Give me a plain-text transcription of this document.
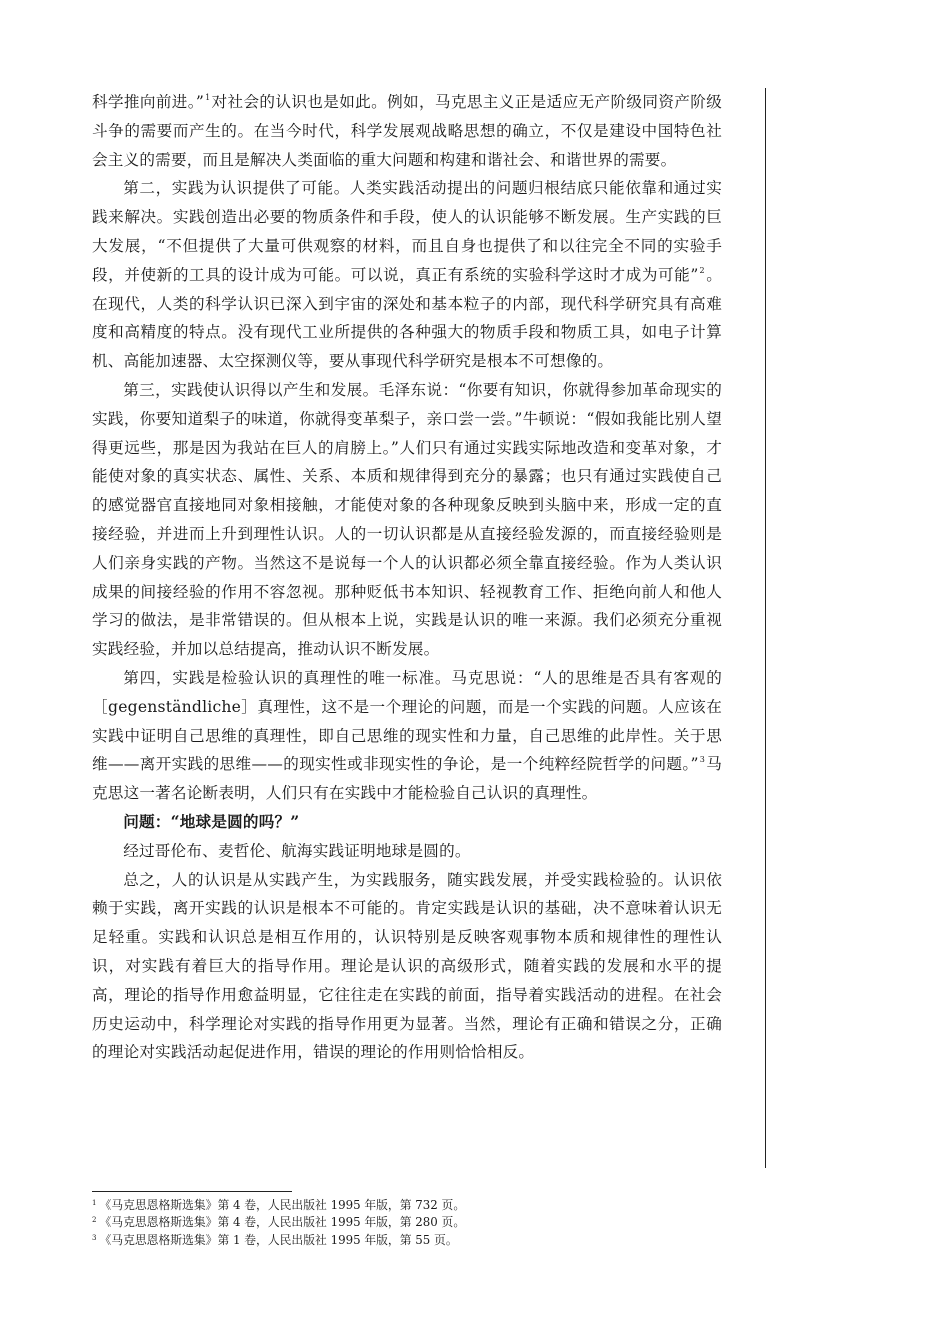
科学推向前进。”$^1$对社会的认识也是如此。例如，马克思主义正是适应无产阶级同资产阶级斗争的需要而产生的。在当今时代，科学发展观战略思想的确立，不仅是建设中国特色社会主义的需要，而且是解决人类面临的重大问题和构建和谐社会、和谐世界的需要。

第二，实践为认识提供了可能。人类实践活动提出的问题归根结底只能依靠和通过实践来解决。实践创造出必要的物质条件和手段，使人的认识能够不断发展。生产实践的巨大发展，“不但提供了大量可供观察的材料，而且自身也提供了和以往完全不同的实验手段，并使新的工具的设计成为可能。可以说，真正有系统的实验科学这时才成为可能”$^2$。在现代，人类的科学认识已深入到宇宙的深处和基本粒子的内部，现代科学研究具有高难度和高精度的特点。没有现代工业所提供的各种强大的物质手段和物质工具，如电子计算机、高能加速器、太空探测仪等，要从事现代科学研究是根本不可想像的。

第三，实践使认识得以产生和发展。毛泽东说：“你要有知识，你就得参加革命现实的实践，你要知道梨子的味道，你就得变革梨子，亲口尝一尝。”牛顿说：“假如我能比别人望得更远些，那是因为我站在巨人的肩膀上。”人们只有通过实践实际地改造和变革对象，才能使对象的真实状态、属性、关系、本质和规律得到充分的暴露；也只有通过实践使自己的感觉器官直接地同对象相接触，才能使对象的各种现象反映到头脑中来，形成一定的直接经验，并进而上升到理性认识。人的一切认识都是从直接经验发源的，而直接经验则是人们亲身实践的产物。当然这不是说每一个人的认识都必须全靠直接经验。作为人类认识成果的间接经验的作用不容忽视。那种贬低书本知识、轻视教育工作、拒绝向前人和他人学习的做法，是非常错误的。但从根本上说，实践是认识的唯一来源。我们必须充分重视实践经验，并加以总结提高，推动认识不断发展。

第四，实践是检验认识的真理性的唯一标准。马克思说：“人的思维是否具有客观的［gegenständliche］真理性，这不是一个理论的问题，而是一个实践的问题。人应该在实践中证明自己思维的真理性，即自己思维的现实性和力量，自己思维的此岸性。关于思维——离开实践的思维——的现实性或非现实性的争论，是一个纯粹经院哲学的问题。”$^3$马克思这一著名论断表明，人们只有在实践中才能检验自己认识的真理性。

问题：“地球是圆的吗？”

经过哥伦布、麦哲伦、航海实践证明地球是圆的。

总之，人的认识是从实践产生，为实践服务，随实践发展，并受实践检验的。认识依赖于实践，离开实践的认识是根本不可能的。肯定实践是认识的基础，决不意味着认识无足轻重。实践和认识总是相互作用的，认识特别是反映客观事物本质和规律性的理性认识，对实践有着巨大的指导作用。理论是认识的高级形式，随着实践的发展和水平的提高，理论的指导作用愈益明显，它往往走在实践的前面，指导着实践活动的进程。在社会历史运动中，科学理论对实践的指导作用更为显著。当然，理论有正确和错误之分，正确的理论对实践活动起促进作用，错误的理论的作用则恰恰相反。

$^1$ 《马克思恩格斯选集》第 4 卷，人民出版社 1995 年版，第 732 页。
$^2$ 《马克思恩格斯选集》第 4 卷，人民出版社 1995 年版，第 280 页。
$^3$ 《马克思恩格斯选集》第 1 卷，人民出版社 1995 年版，第 55 页。
